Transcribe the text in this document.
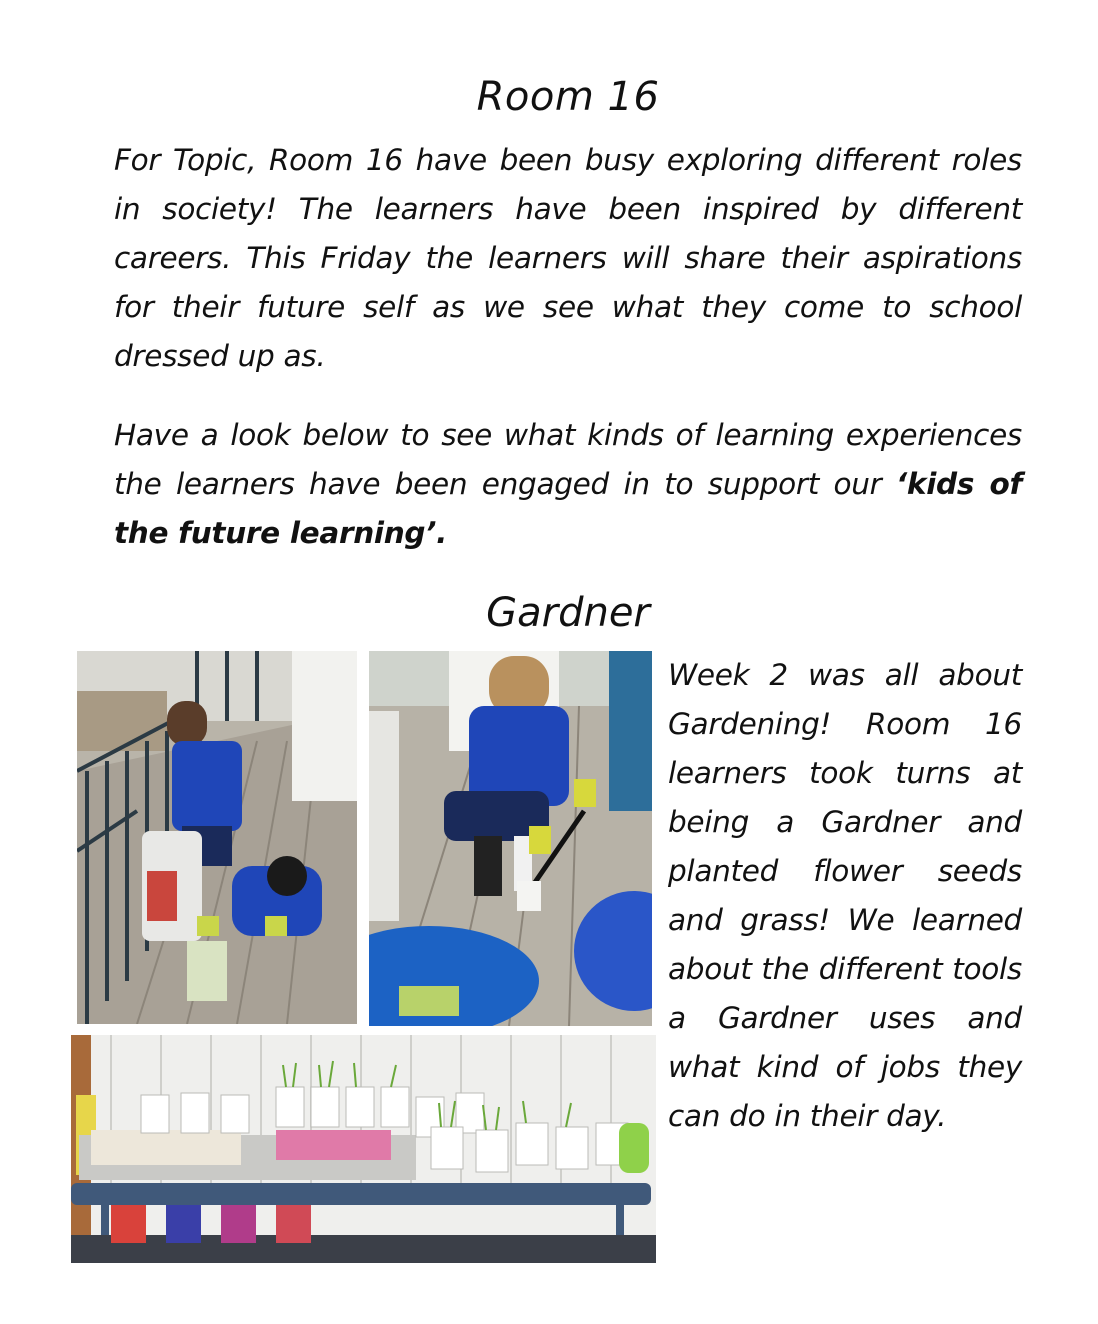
Room 16
For Topic, Room 16 have been busy exploring different roles in society! The learners have been inspired by different careers. This Friday the learners will share their aspirations for their future self as we see what they come to school dressed up as.
Have a look below to see what kinds of learning experiences the learners have been engaged in to support our ‘kids of the future learning’.
Gardner
Week 2 was all about Gardening! Room 16 learners took turns at being a Gardner and planted flower seeds and grass! We learned about the different tools a Gardner uses and what kind of jobs they can do in their day.
